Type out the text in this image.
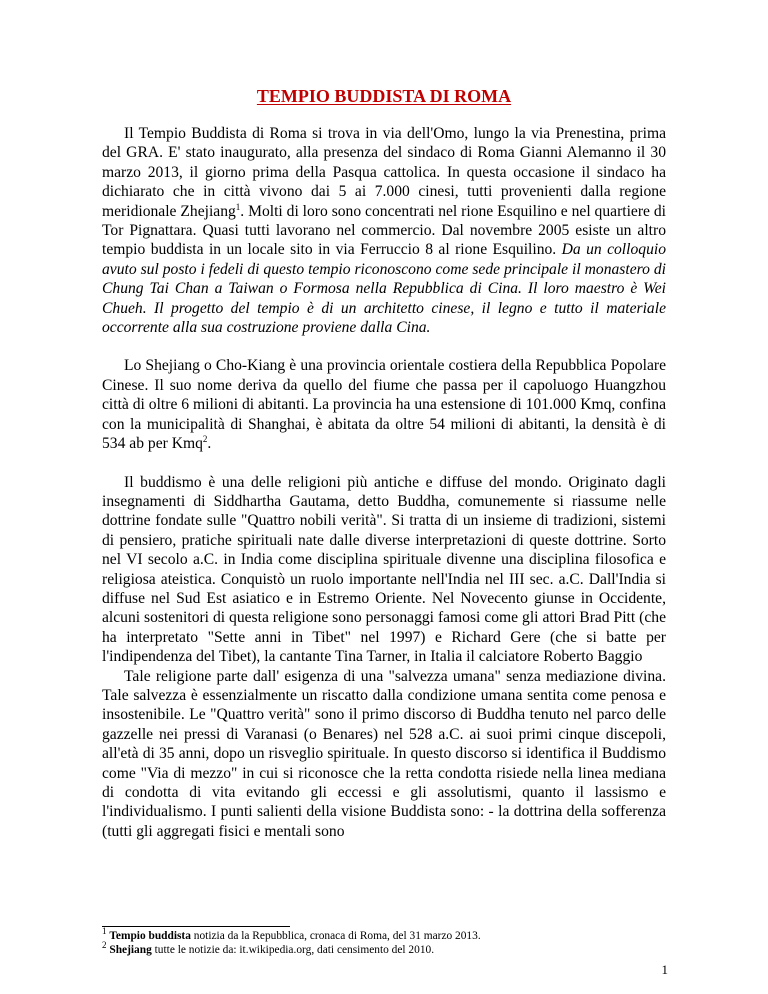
TEMPIO BUDDISTA DI ROMA

Il Tempio Buddista di Roma si trova in via dell'Omo, lungo la via Prenestina, prima del GRA. E' stato inaugurato, alla presenza del sindaco di Roma Gianni Alemanno il 30 marzo 2013, il giorno prima della Pasqua cattolica. In questa occasione il sindaco ha dichiarato che in città vivono dai 5 ai 7.000 cinesi, tutti provenienti dalla regione meridionale Zhejiang$^1$. Molti di loro sono concentrati nel rione Esquilino e nel quartiere di Tor Pignattara. Quasi tutti lavorano nel commercio. Dal novembre 2005 esiste un altro tempio buddista in un locale sito in via Ferruccio 8 al rione Esquilino. Da un colloquio avuto sul posto i fedeli di questo tempio riconoscono come sede principale il monastero di Chung Tai Chan a Taiwan o Formosa nella Repubblica di Cina. Il loro maestro è Wei Chueh. Il progetto del tempio è di un architetto cinese, il legno e tutto il materiale occorrente alla sua costruzione proviene dalla Cina.

Lo Shejiang o Cho-Kiang è una provincia orientale costiera della Repubblica Popolare Cinese. Il suo nome deriva da quello del fiume che passa per il capoluogo Huangzhou città di oltre 6 milioni di abitanti. La provincia ha una estensione di 101.000 Kmq, confina con la municipalità di Shanghai, è abitata da oltre 54 milioni di abitanti, la densità è di 534 ab per Kmq$^2$.

Il buddismo è una delle religioni più antiche e diffuse del mondo. Originato dagli insegnamenti di Siddhartha Gautama, detto Buddha, comunemente si riassume nelle dottrine fondate sulle "Quattro nobili verità". Si tratta di un insieme di tradizioni, sistemi di pensiero, pratiche spirituali nate dalle diverse interpretazioni di queste dottrine. Sorto nel VI secolo a.C. in India come disciplina spirituale divenne una disciplina filosofica e religiosa ateistica. Conquistò un ruolo importante nell'India nel III sec. a.C. Dall'India si diffuse nel Sud Est asiatico e in Estremo Oriente. Nel Novecento giunse in Occidente, alcuni sostenitori di questa religione sono personaggi famosi come gli attori Brad Pitt (che ha interpretato "Sette anni in Tibet" nel 1997) e Richard Gere (che si batte per l'indipendenza del Tibet), la cantante Tina Tarner, in Italia il calciatore Roberto Baggio

Tale religione parte dall' esigenza di una "salvezza umana" senza mediazione divina. Tale salvezza è essenzialmente un riscatto dalla condizione umana sentita come penosa e insostenibile. Le "Quattro verità" sono il primo discorso di Buddha tenuto nel parco delle gazzelle nei pressi di Varanasi (o Benares) nel 528 a.C. ai suoi primi cinque discepoli, all'età di 35 anni, dopo un risveglio spirituale. In questo discorso si identifica il Buddismo come "Via di mezzo" in cui si riconosce che la retta condotta risiede nella linea mediana di condotta di vita evitando gli eccessi e gli assolutismi, quanto il lassismo e l'individualismo. I punti salienti della visione Buddista sono: - la dottrina della sofferenza (tutti gli aggregati fisici e mentali sono

$^1$ Tempio buddista notizia da la Repubblica, cronaca di Roma, del 31 marzo 2013.
$^2$ Shejiang tutte le notizie da: it.wikipedia.org, dati censimento del 2010.
1
